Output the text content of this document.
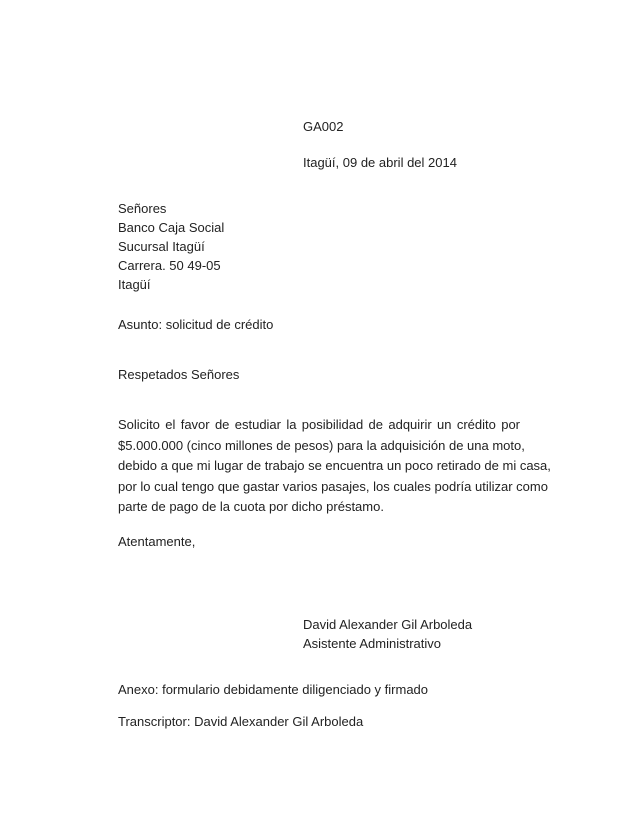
GA002
Itagüí, 09 de abril del 2014
Señores
Banco Caja Social
Sucursal Itagüí
Carrera. 50 49-05
Itagüí

Asunto: solicitud de crédito

Respetados Señores

Solicito el favor de estudiar la posibilidad de adquirir un crédito por
$5.000.000 (cinco millones de pesos) para la adquisición de una moto,
debido a que mi lugar de trabajo se encuentra un poco retirado de mi casa,
por lo cual tengo que gastar varios pasajes, los cuales podría utilizar como
parte de pago de la cuota por dicho préstamo.

Atentamente,

David Alexander Gil Arboleda
Asistente Administrativo

Anexo: formulario debidamente diligenciado y firmado

Transcriptor: David Alexander Gil Arboleda
